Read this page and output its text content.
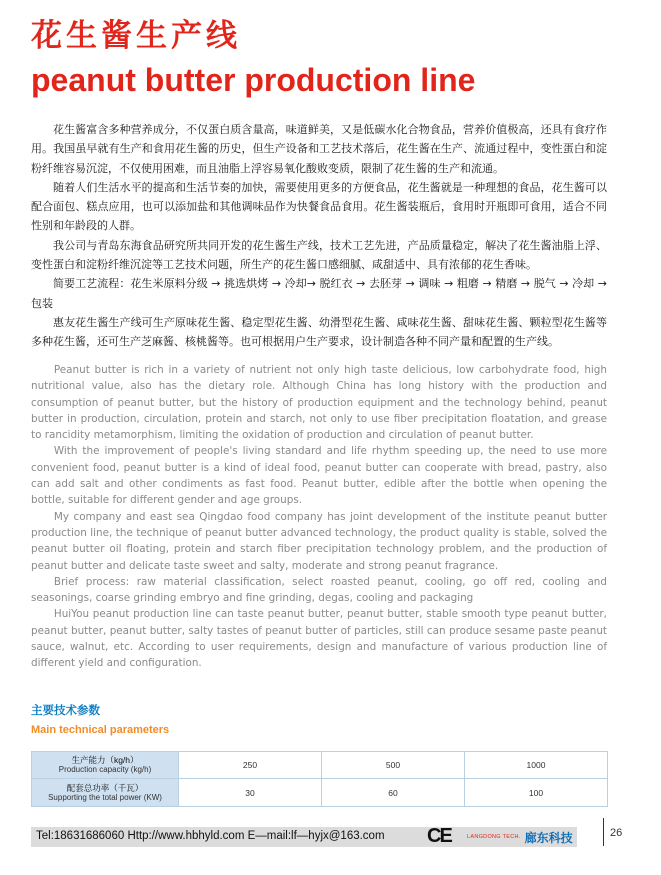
花生酱生产线
peanut butter production line

花生酱富含多种营养成分，不仅蛋白质含量高，味道鲜美，又是低碳水化合物食品，营养价值极高，还具有食疗作用。我国虽早就有生产和食用花生酱的历史，但生产设备和工艺技术落后，花生酱在生产、流通过程中，变性蛋白和淀粉纤维容易沉淀，不仅使用困难，而且油脂上浮容易氧化酸败变质，限制了花生酱的生产和流通。

随着人们生活水平的提高和生活节奏的加快，需要使用更多的方便食品，花生酱就是一种理想的食品，花生酱可以配合面包、糕点应用，也可以添加盐和其他调味品作为快餐食品食用。花生酱装瓶后，食用时开瓶即可食用，适合不同性别和年龄段的人群。

我公司与青岛东海食品研究所共同开发的花生酱生产线，技术工艺先进，产品质量稳定，解决了花生酱油脂上浮、变性蛋白和淀粉纤维沉淀等工艺技术问题，所生产的花生酱口感细腻、咸甜适中、具有浓郁的花生香味。

简要工艺流程：花生米原料分级 → 挑选烘烤 → 冷却→ 脱红衣 → 去胚芽 → 调味 → 粗磨 → 精磨 → 脱气 → 冷却 → 包装

惠友花生酱生产线可生产原味花生酱、稳定型花生酱、幼滑型花生酱、咸味花生酱、甜味花生酱、颗粒型花生酱等多种花生酱，还可生产芝麻酱、核桃酱等。也可根据用户生产要求，设计制造各种不同产量和配置的生产线。

Peanut butter is rich in a variety of nutrient not only high taste delicious, low carbohydrate food, high nutritional value, also has the dietary role. Although China has long history with the production and consumption of peanut butter, but the history of production equipment and the technology behind, peanut butter in production, circulation, protein and starch, not only to use fiber precipitation floatation, and grease to rancidity metamorphism, limiting the oxidation of production and circulation of peanut butter.

With the improvement of people's living standard and life rhythm speeding up, the need to use more convenient food, peanut butter is a kind of ideal food, peanut butter can cooperate with bread, pastry, also can add salt and other condiments as fast food. Peanut butter, edible after the bottle when opening the bottle, suitable for different gender and age groups.

My company and east sea Qingdao food company has joint development of the institute peanut butter production line, the technique of peanut butter advanced technology, the product quality is stable, solved the peanut butter oil floating, protein and starch fiber precipitation technology problem, and the production of peanut butter and delicate taste sweet and salty, moderate and strong peanut fragrance.

Brief process: raw material classification, select roasted peanut, cooling, go off red, cooling and seasonings, coarse grinding embryo and fine grinding, degas, cooling and packaging

HuiYou peanut production line can taste peanut butter, peanut butter, stable smooth type peanut butter, peanut butter, peanut butter, salty tastes of peanut butter of particles, still can produce sesame paste peanut sauce, walnut, etc. According to user requirements, design and manufacture of various production line of different yield and configuration.

主要技术参数
Main technical parameters
生产能力（kg/h）
Production capacity (kg/h)	250	500	1000

配套总功率（千瓦）
Supporting the total power (KW)	30	60	100

Tel:18631686060 Http://www.hbhyld.com E—mail:lf—hyjx@163.com CE	LANGDONG TECH. 廊东科技	26
